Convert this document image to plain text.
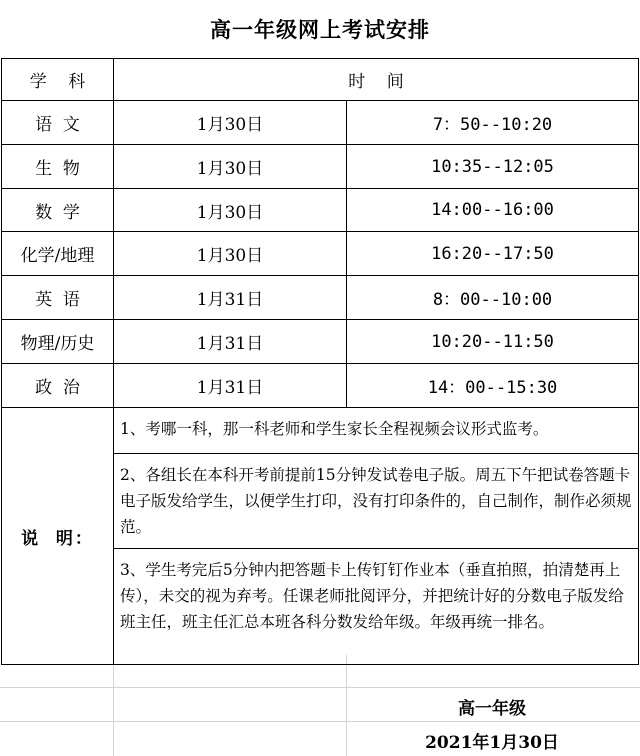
高一年级网上考试安排
学    科	时    间	
语  文	1月30日	7：50--10:20
生  物	1月30日	10:35--12:05
数  学	1月30日	14:00--16:00
化学/地理	1月30日	16:20--17:50
英  语	1月31日	8：00--10:00
物理/历史	1月31日	10:20--11:50
政  治	1月31日	14：00--15:30
说  明：	1、考哪一科，那一科老师和学生家长全程视频会议形式监考。	
	2、各组长在本科开考前提前15分钟发试卷电子版。周五下午把试卷答题卡电子版发给学生，以便学生打印，没有打印条件的，自己制作，制作必须规范。	
	3、学生考完后5分钟内把答题卡上传钉钉作业本（垂直拍照，拍清楚再上传），未交的视为弃考。任课老师批阅评分，并把统计好的分数电子版发给班主任，班主任汇总本班各科分数发给年级。年级再统一排名。	
高一年级
2021年1月30日
